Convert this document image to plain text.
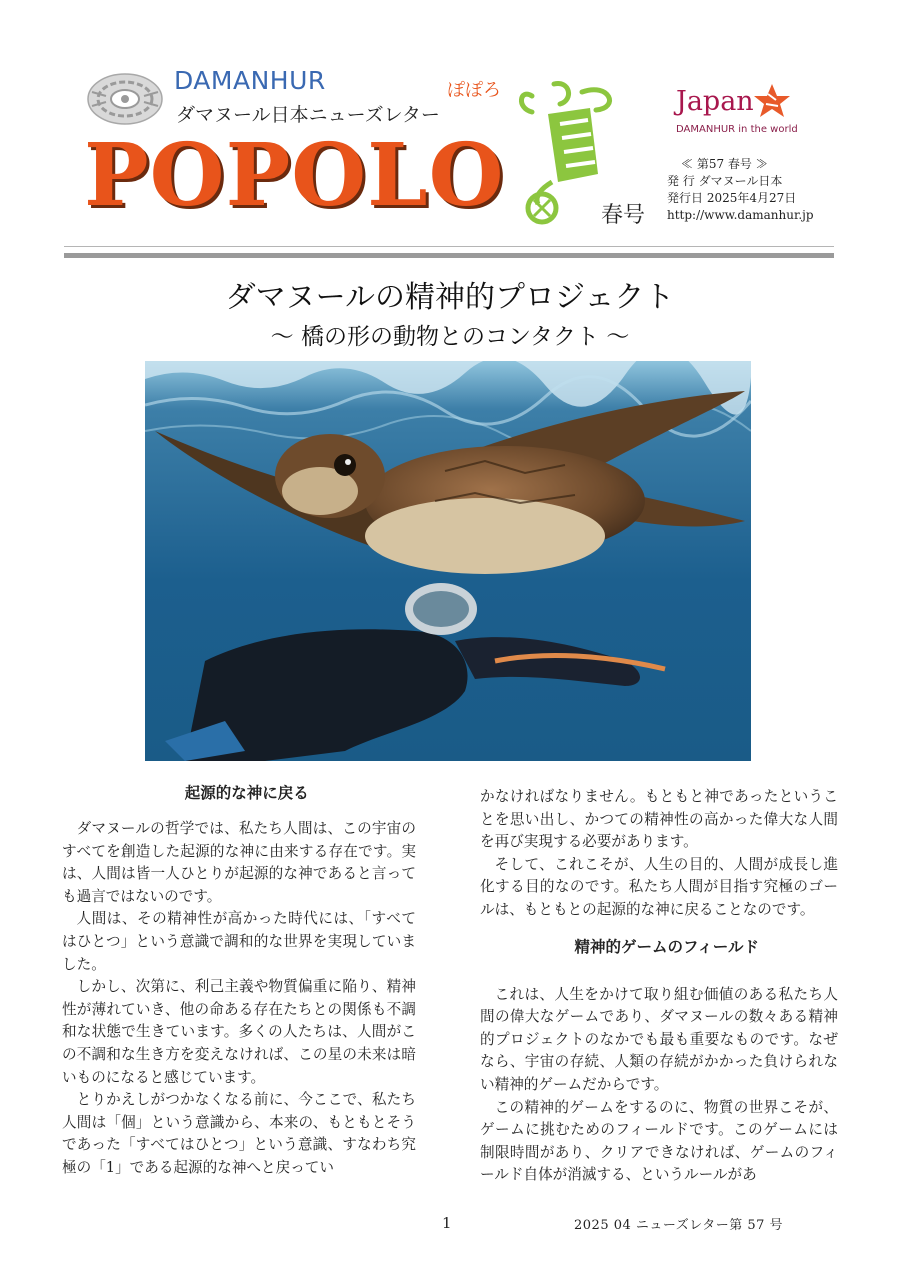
DAMANHUR
ダマヌール日本ニューズレター
ぽぽろ
POPOLO	春号
Japan
DAMANHUR in the world
≪ 第57 春号 ≫
発 行 ダマヌール日本
発行日 2025年4月27日
http://www.damanhur.jp
ダマヌールの精神的プロジェクト
～ 橋の形の動物とのコンタクト ～

起源的な神に戻る

ダマヌールの哲学では、私たち人間は、この宇宙のすべてを創造した起源的な神に由来する存在です。実は、人間は皆一人ひとりが起源的な神であると言っても過言ではないのです。

人間は、その精神性が高かった時代には、「すべてはひとつ」という意識で調和的な世界を実現していました。

しかし、次第に、利己主義や物質偏重に陥り、精神性が薄れていき、他の命ある存在たちとの関係も不調和な状態で生きています。多くの人たちは、人間がこの不調和な生き方を変えなければ、この星の未来は暗いものになると感じています。

とりかえしがつかなくなる前に、今ここで、私たち人間は「個」という意識から、本来の、もともとそうであった「すべてはひとつ」という意識、すなわち究極の「1」である起源的な神へと戻ってい

かなければなりません。もともと神であったということを思い出し、かつての精神性の高かった偉大な人間を再び実現する必要があります。

そして、これこそが、人生の目的、人間が成長し進化する目的なのです。私たち人間が目指す究極のゴールは、もともとの起源的な神に戻ることなのです。

精神的ゲームのフィールド

これは、人生をかけて取り組む価値のある私たち人間の偉大なゲームであり、ダマヌールの数々ある精神的プロジェクトのなかでも最も重要なものです。なぜなら、宇宙の存続、人類の存続がかかった負けられない精神的ゲームだからです。

この精神的ゲームをするのに、物質の世界こそが、ゲームに挑むためのフィールドです。このゲームには制限時間があり、クリアできなければ、ゲームのフィールド自体が消滅する、というルールがあ

1	2025 04 ニューズレター第 57 号
